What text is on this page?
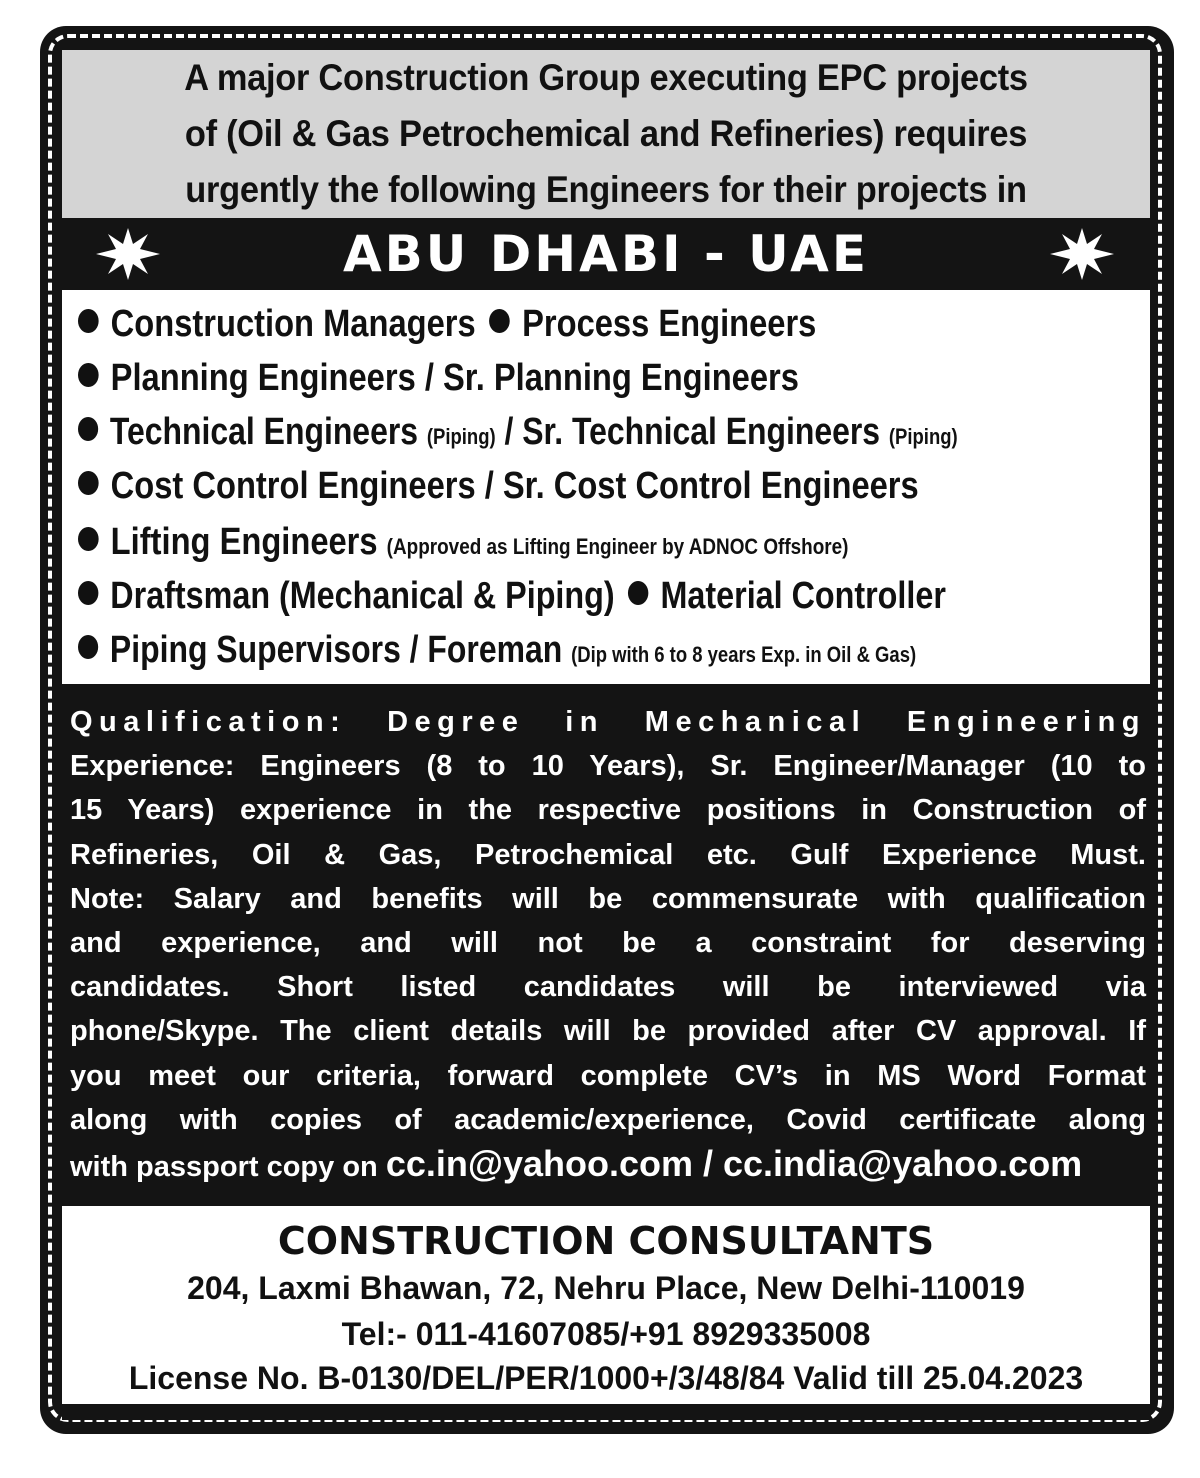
A major Construction Group executing EPC projects

of (Oil & Gas Petrochemical and Refineries) requires

urgently the following Engineers for their projects in

ABU DHABI - UAE
Construction Managers Process Engineers
Planning Engineers / Sr. Planning Engineers
Technical Engineers (Piping) / Sr. Technical Engineers (Piping)
Cost Control Engineers / Sr. Cost Control Engineers
Lifting Engineers (Approved as Lifting Engineer by ADNOC Offshore)
Draftsman (Mechanical & Piping) Material Controller
Piping Supervisors / Foreman (Dip with 6 to 8 years Exp. in Oil & Gas)

Qualification: Degree in Mechanical Engineering

Experience: Engineers (8 to 10 Years), Sr. Engineer/Manager (10 to

15 Years) experience in the respective positions in Construction of

Refineries, Oil & Gas, Petrochemical etc. Gulf Experience Must.

Note: Salary and benefits will be commensurate with qualification

and experience, and will not be a constraint for deserving

candidates. Short listed candidates will be interviewed via

phone/Skype. The client details will be provided after CV approval. If

you meet our criteria, forward complete CV’s in MS Word Format

along with copies of academic/experience, Covid certificate along

with passport copy on cc.in@yahoo.com / cc.india@yahoo.com

CONSTRUCTION CONSULTANTS
204, Laxmi Bhawan, 72, Nehru Place, New Delhi-110019
Tel:- 011-41607085/+91 8929335008
License No. B-0130/DEL/PER/1000+/3/48/84 Valid till 25.04.2023
